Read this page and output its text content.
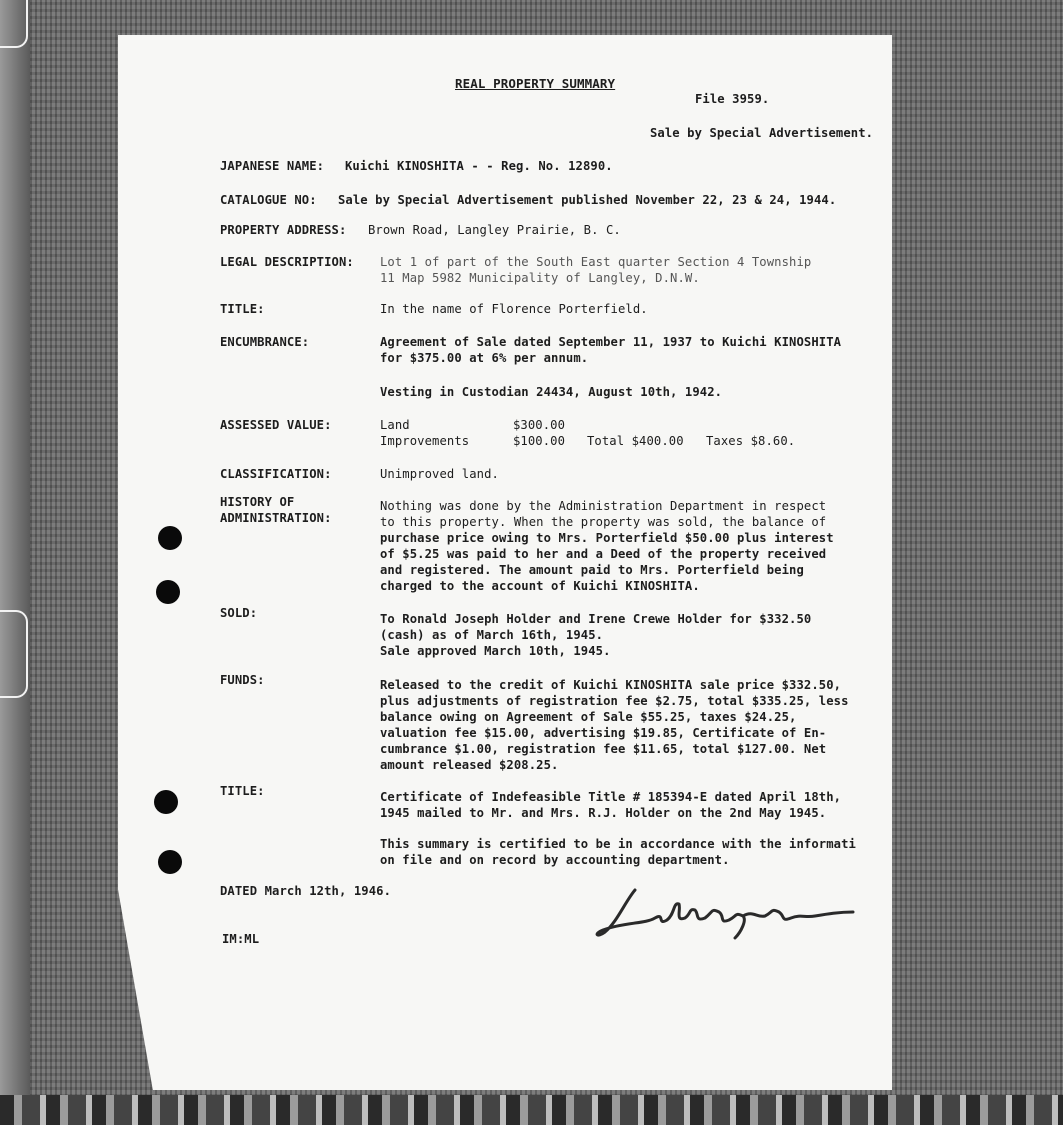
REAL PROPERTY SUMMARY
File 3959.
Sale by Special Advertisement.
JAPANESE NAME: Kuichi KINOSHITA - - Reg. No. 12890.
CATALOGUE NO: Sale by Special Advertisement published November 22, 23 & 24, 1944.
PROPERTY ADDRESS: Brown Road, Langley Prairie, B. C.
LEGAL DESCRIPTION: Lot 1 of part of the South East quarter Section 4 Township
11 Map 5982 Municipality of Langley, D.N.W.
TITLE:	In the name of Florence Porterfield.
ENCUMBRANCE:	Agreement of Sale dated September 11, 1937 to Kuichi KINOSHITA
for $375.00 at 6% per annum.
Vesting in Custodian 24434, August 10th, 1942.
ASSESSED VALUE:	Land	$300.00
Improvements	$100.00 Total $400.00 Taxes $8.60.
CLASSIFICATION:	Unimproved land.
HISTORY OF
ADMINISTRATION:
Nothing was done by the Administration Department in respect
to this property. When the property was sold, the balance of
purchase price owing to Mrs. Porterfield $50.00 plus interest
of $5.25 was paid to her and a Deed of the property received
and registered. The amount paid to Mrs. Porterfield being
charged to the account of Kuichi KINOSHITA.
SOLD:	To Ronald Joseph Holder and Irene Crewe Holder for $332.50
(cash) as of March 16th, 1945.
Sale approved March 10th, 1945.
FUNDS:	Released to the credit of Kuichi KINOSHITA sale price $332.50,
plus adjustments of registration fee $2.75, total $335.25, less
balance owing on Agreement of Sale $55.25, taxes $24.25,
valuation fee $15.00, advertising $19.85, Certificate of En-
cumbrance $1.00, registration fee $11.65, total $127.00. Net
amount released $208.25.
TITLE:	Certificate of Indefeasible Title # 185394-E dated April 18th,
1945 mailed to Mr. and Mrs. R.J. Holder on the 2nd May 1945.
This summary is certified to be in accordance with the informati
on file and on record by accounting department.
DATED March 12th, 1946.
IM:ML
